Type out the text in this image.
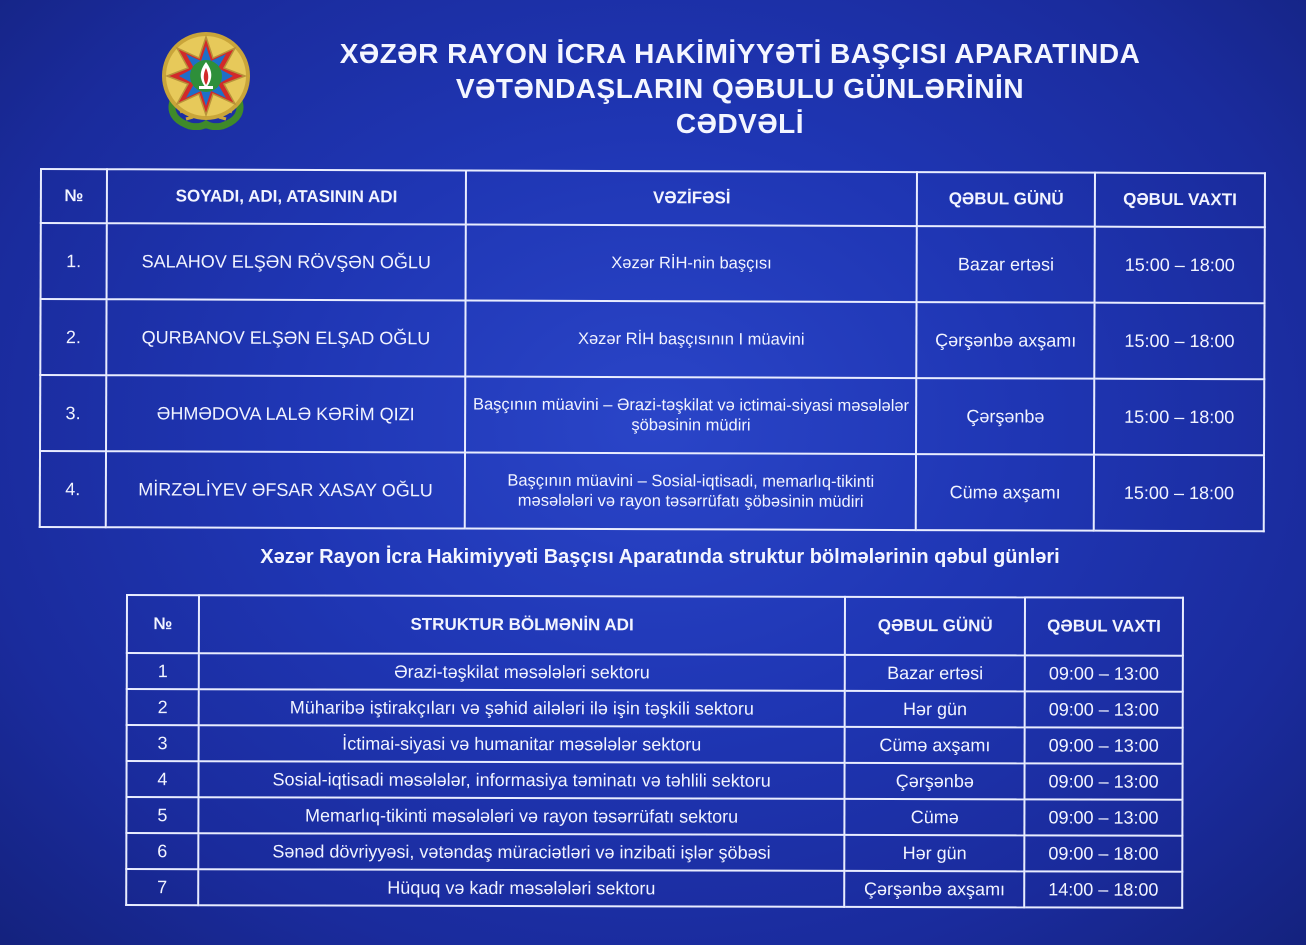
XƏZƏR RAYON İCRA HAKİMİYYƏTİ BAŞÇISI APARATINDA
VƏTƏNDAŞLARIN QƏBULU GÜNLƏRİNİN
CƏDVƏLİ
№	SOYADI, ADI, ATASININ ADI	VƏZİFƏSİ	QƏBUL GÜNÜ	QƏBUL VAXTI
1.	SALAHOV ELŞƏN RÖVŞƏN OĞLU	Xəzər RİH-nin başçısı	Bazar ertəsi	15:00 – 18:00
2.	QURBANOV ELŞƏN ELŞAD OĞLU	Xəzər RİH başçısının I müavini	Çərşənbə axşamı	15:00 – 18:00
3.	ƏHMƏDOVA LALƏ KƏRİM QIZI	Başçının müavini – Ərazi-təşkilat və ictimai-siyasi məsələlər şöbəsinin müdiri	Çərşənbə	15:00 – 18:00
4.	MİRZƏLİYEV ƏFSAR XASAY OĞLU	Başçının müavini – Sosial-iqtisadi, memarlıq-tikinti məsələləri və rayon təsərrüfatı şöbəsinin müdiri	Cümə axşamı	15:00 – 18:00
Xəzər Rayon İcra Hakimiyyəti Başçısı Aparatında struktur bölmələrinin qəbul günləri
№	STRUKTUR BÖLMƏNİN ADI	QƏBUL GÜNÜ	QƏBUL VAXTI
1	Ərazi-təşkilat məsələləri sektoru	Bazar ertəsi	09:00 – 13:00
2	Müharibə iştirakçıları və şəhid ailələri ilə işin təşkili sektoru	Hər gün	09:00 – 13:00
3	İctimai-siyasi və humanitar məsələlər sektoru	Cümə axşamı	09:00 – 13:00
4	Sosial-iqtisadi məsələlər, informasiya təminatı və təhlili sektoru	Çərşənbə	09:00 – 13:00
5	Memarlıq-tikinti məsələləri və rayon təsərrüfatı sektoru	Cümə	09:00 – 13:00
6	Sənəd dövriyyəsi, vətəndaş müraciətləri və inzibati işlər şöbəsi	Hər gün	09:00 – 18:00
7	Hüquq və kadr məsələləri sektoru	Çərşənbə axşamı	14:00 – 18:00
